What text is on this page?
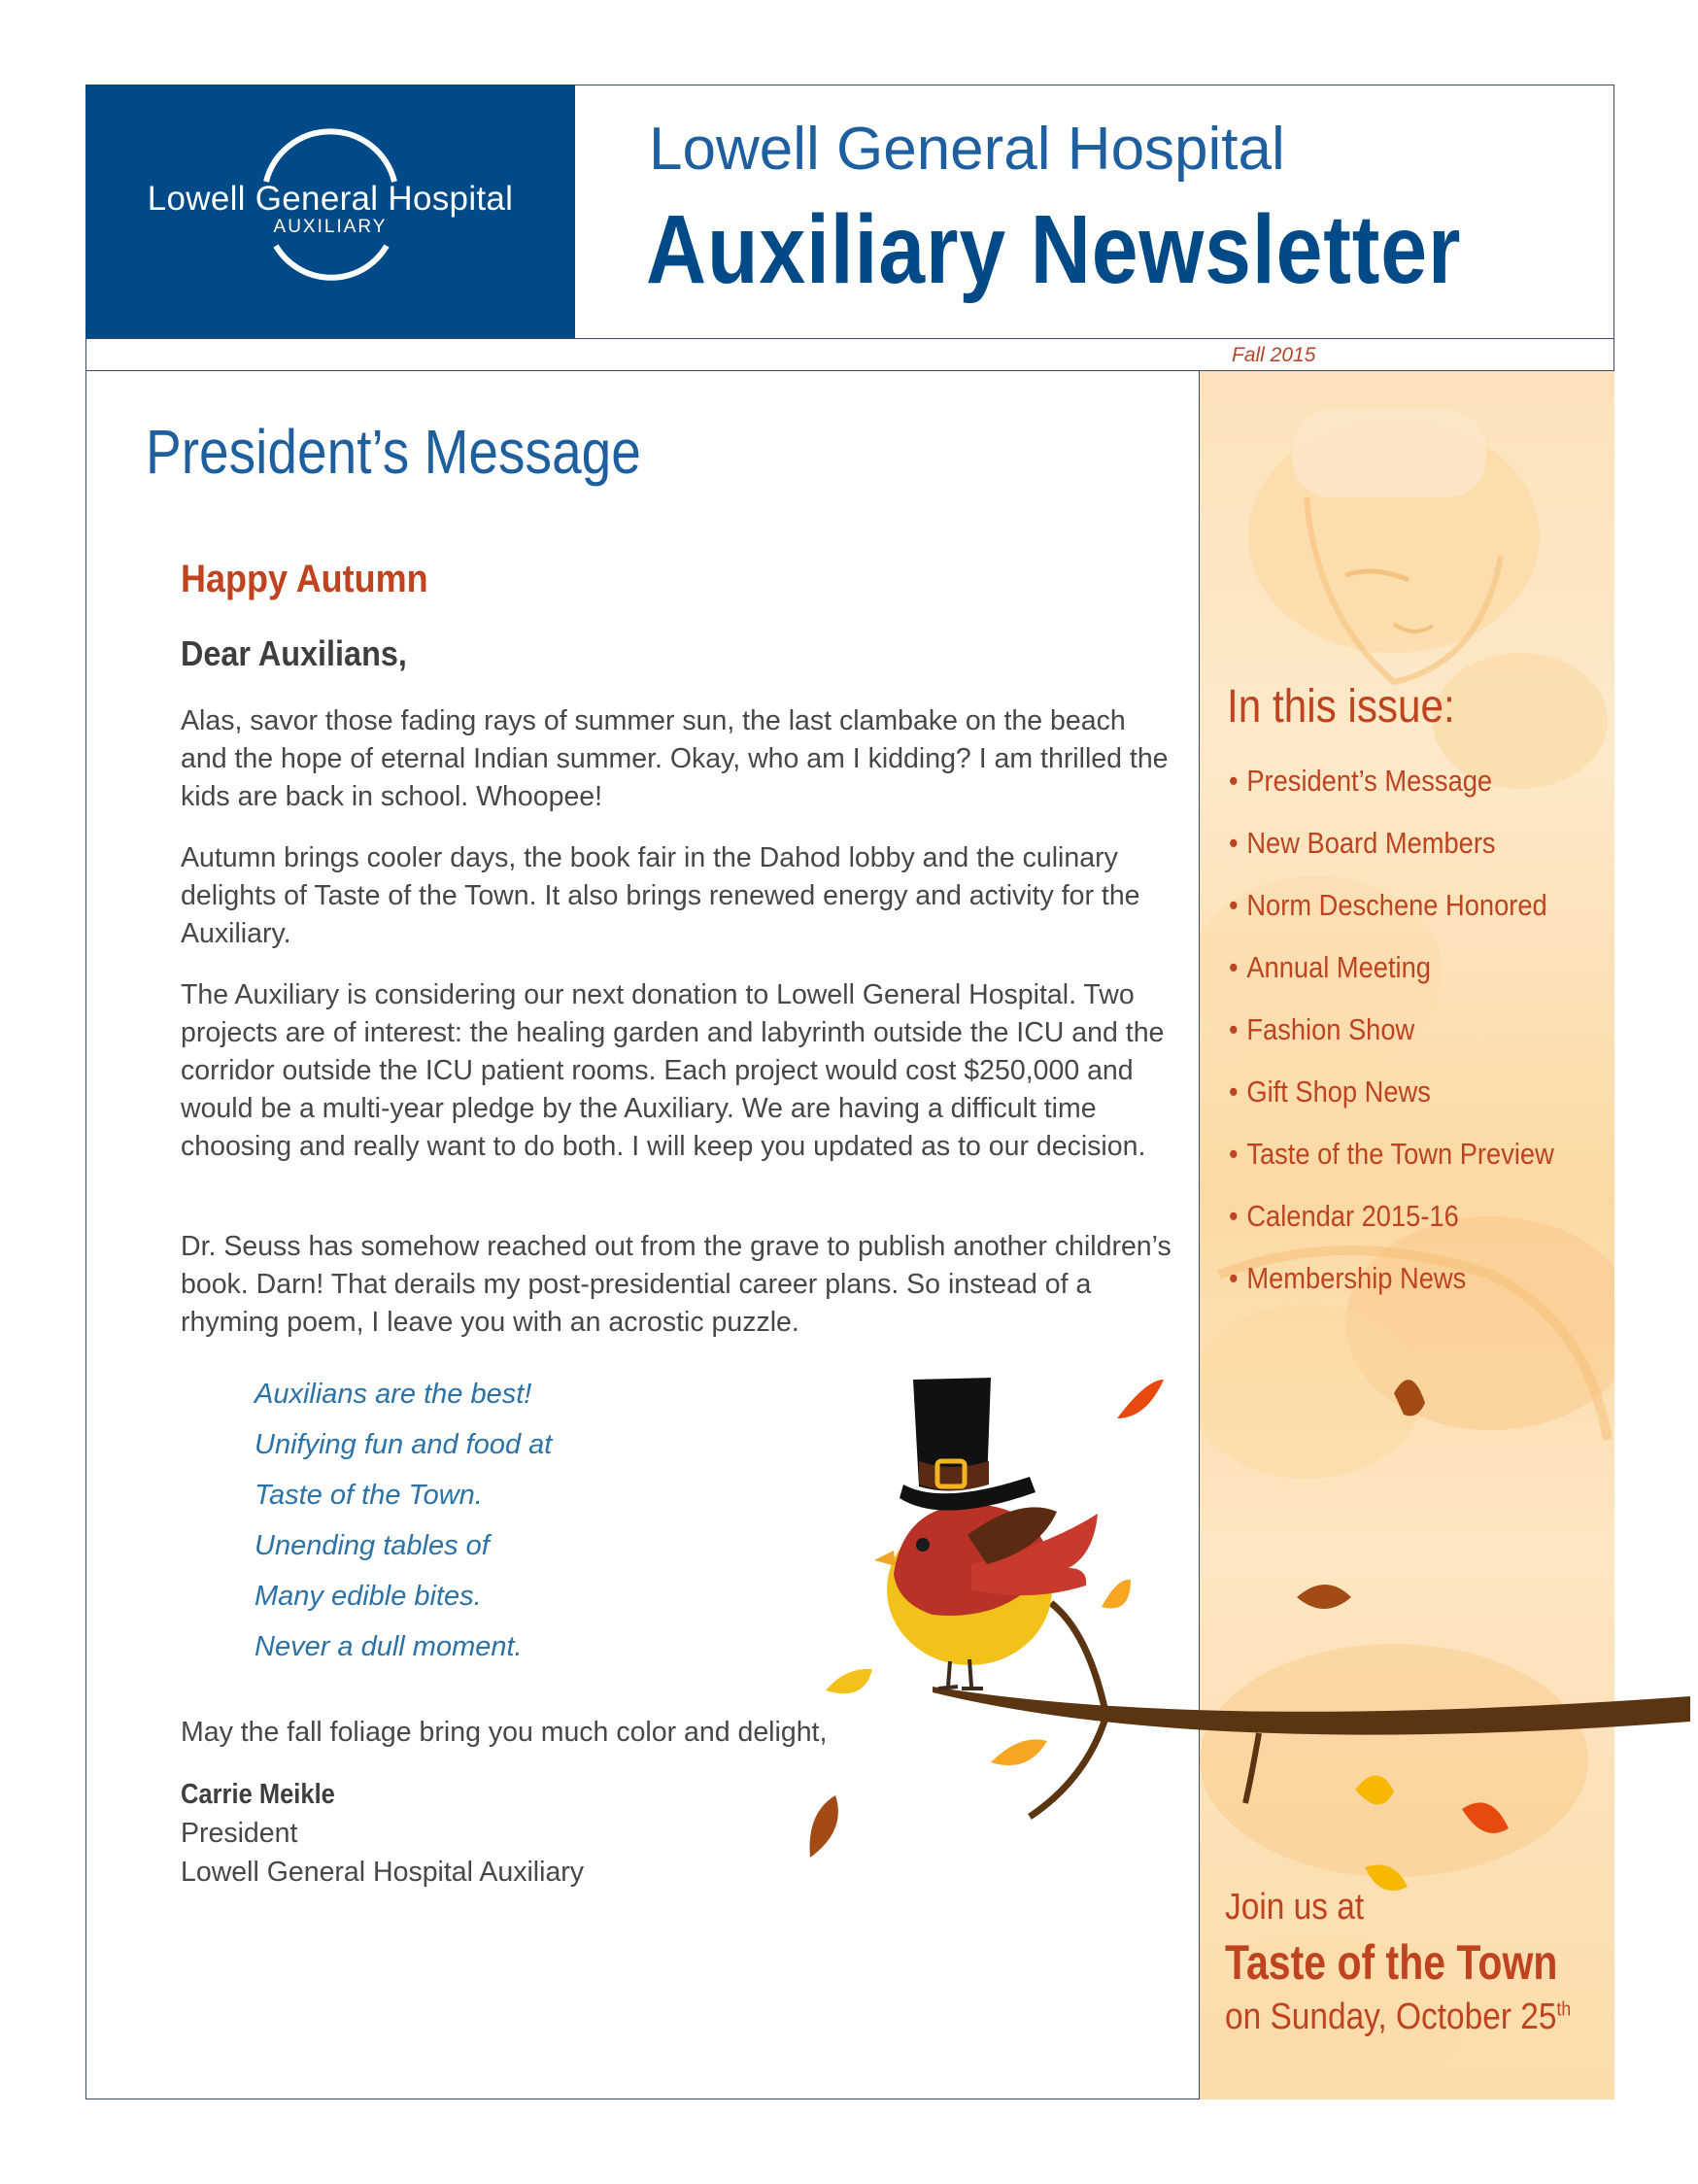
Lowell General Hospital
AUXILIARY
Lowell General Hospital
Auxiliary Newsletter
Fall 2015
In this issue:
• President’s Message
• New Board Members
• Norm Deschene Honored
• Annual Meeting
• Fashion Show
• Gift Shop News
• Taste of the Town Preview
• Calendar 2015-16
• Membership News
Join us at
Taste of the Town
on Sunday, October 25th
President’s Message
Happy Autumn
Dear Auxilians,

Alas, savor those fading rays of summer sun, the last clambake on the beach and the hope of eternal Indian summer. Okay, who am I kidding? I am thrilled the kids are back in school. Whoopee!

Autumn brings cooler days, the book fair in the Dahod lobby and the culinary delights of Taste of the Town. It also brings renewed energy and activity for the Auxiliary.

The Auxiliary is considering our next donation to Lowell General Hospital. Two projects are of interest: the healing garden and labyrinth outside the ICU and the corridor outside the ICU patient rooms. Each project would cost $250,000 and would be a multi-year pledge by the Auxiliary. We are having a difficult time choosing and really want to do both. I will keep you updated as to our decision.

Dr. Seuss has somehow reached out from the grave to publish another children’s book. Darn! That derails my post-presidential career plans. So instead of a rhyming poem, I leave you with an acrostic puzzle.

Auxilians are the best!
Unifying fun and food at
Taste of the Town.
Unending tables of
Many edible bites.
Never a dull moment.
May the fall foliage bring you much color and delight,
Carrie Meikle
President
Lowell General Hospital Auxiliary
